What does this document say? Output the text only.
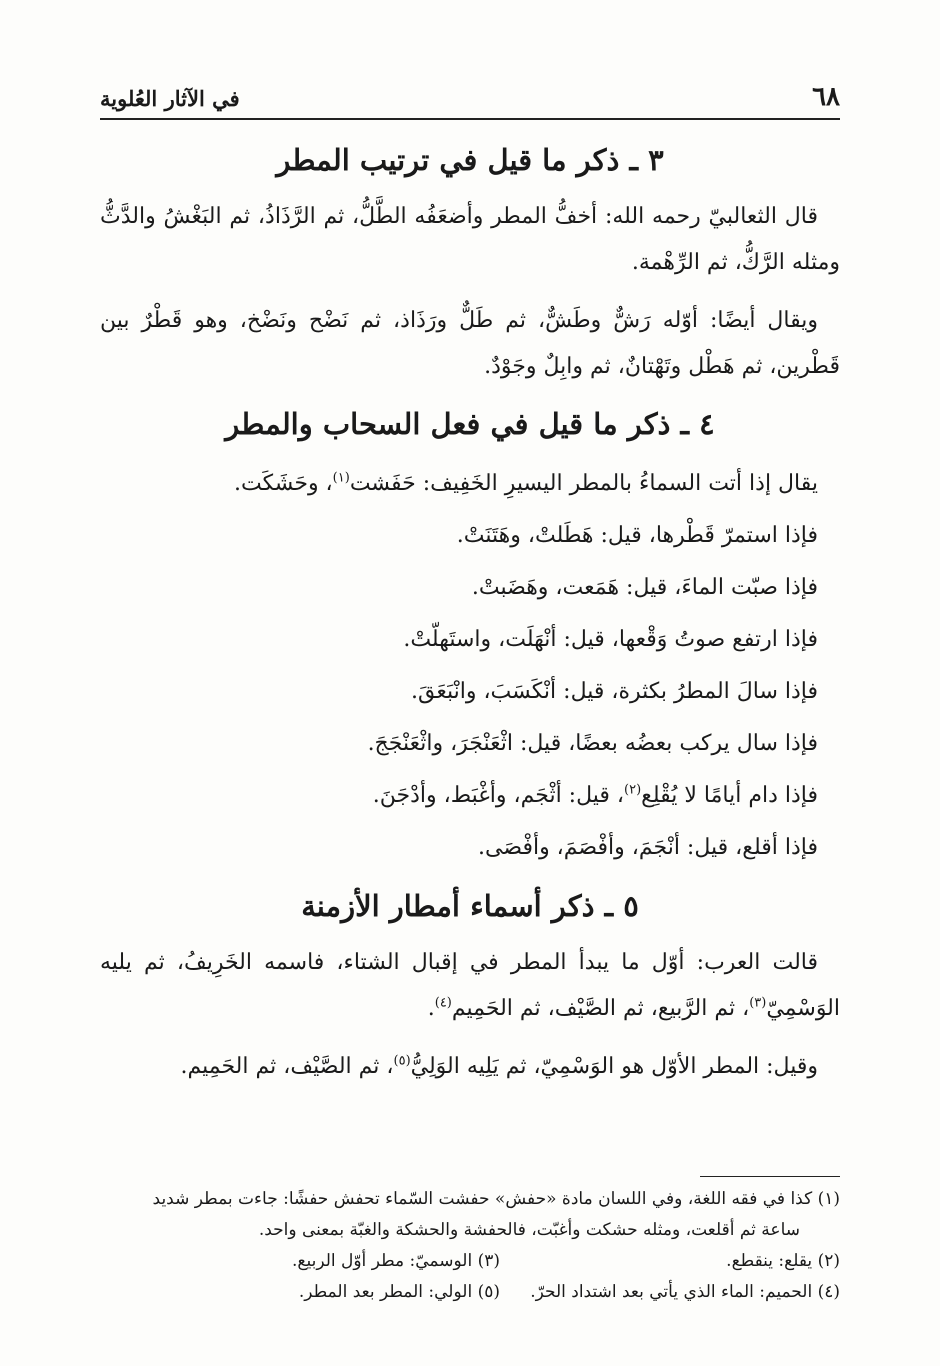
٦٨
في الآثار العُلوية
٣ ـ ذكر ما قيل في ترتيب المطر

قال الثعالبيّ رحمه الله: أخفُّ المطر وأضعَفُه الطَّلُّ، ثم الرَّذَاذُ، ثم البَغْشُ والدَّثُّ ومثله الرَّكُّ، ثم الرِّهْمة.

ويقال أيضًا: أوّله رَشٌّ وطَشٌّ، ثم طَلٌّ ورَذَاذ، ثم نَضْح ونَضْخ، وهو قَطْرٌ بين قَطْرين، ثم هَطْل وتَهْتانٌ، ثم وابِلٌ وجَوْدٌ.

٤ ـ ذكر ما قيل في فعل السحاب والمطر

يقال إذا أتت السماءُ بالمطر اليسيرِ الخَفِيف: حَفَشت$^{(١)}$، وحَشَكَت.

فإذا استمرّ قَطْرها، قيل: هَطَلتْ، وهَتَنَتْ.

فإذا صبّت الماءَ، قيل: هَمَعت، وهَضَبتْ.

فإذا ارتفع صوتُ وَقْعها، قيل: أنْهَلَت، واستَهلّتْ.

فإذا سالَ المطرُ بكثرة، قيل: أنْكَسَبَ، وانْبَعَقَ.

فإذا سال يركب بعضُه بعضًا، قيل: اثْعَنْجَرَ، واثْعَنْجَجَ.

فإذا دام أيامًا لا يُقْلِع$^{(٢)}$، قيل: أثْجَم، وأغْبَط، وأدْجَنَ.

فإذا أقلع، قيل: أنْجَمَ، وأفْصَمَ، وأفْصَى.

٥ ـ ذكر أسماء أمطار الأزمنة

قالت العرب: أوّل ما يبدأ المطر في إقبال الشتاء، فاسمه الخَرِيفُ، ثم يليه الوَسْمِيّ$^{(٣)}$، ثم الرَّبيع، ثم الصَّيْف، ثم الحَمِيم$^{(٤)}$.

وقيل: المطر الأوّل هو الوَسْمِيّ، ثم يَلِيه الوَلِيُّ$^{(٥)}$، ثم الصَّيْف، ثم الحَمِيم.

(١) كذا في فقه اللغة، وفي اللسان مادة «حفش» حفشت السّماء تحفش حفشًا: جاءت بمطر شديد

ساعة ثم أقلعت، ومثله حشكت وأغبّت، فالحفشة والحشكة والغبّة بمعنى واحد.

(٢) يقلع: ينقطع.
(٣) الوسميّ: مطر أوّل الربيع.
(٤) الحميم: الماء الذي يأتي بعد اشتداد الحرّ.
(٥) الولي: المطر بعد المطر.
